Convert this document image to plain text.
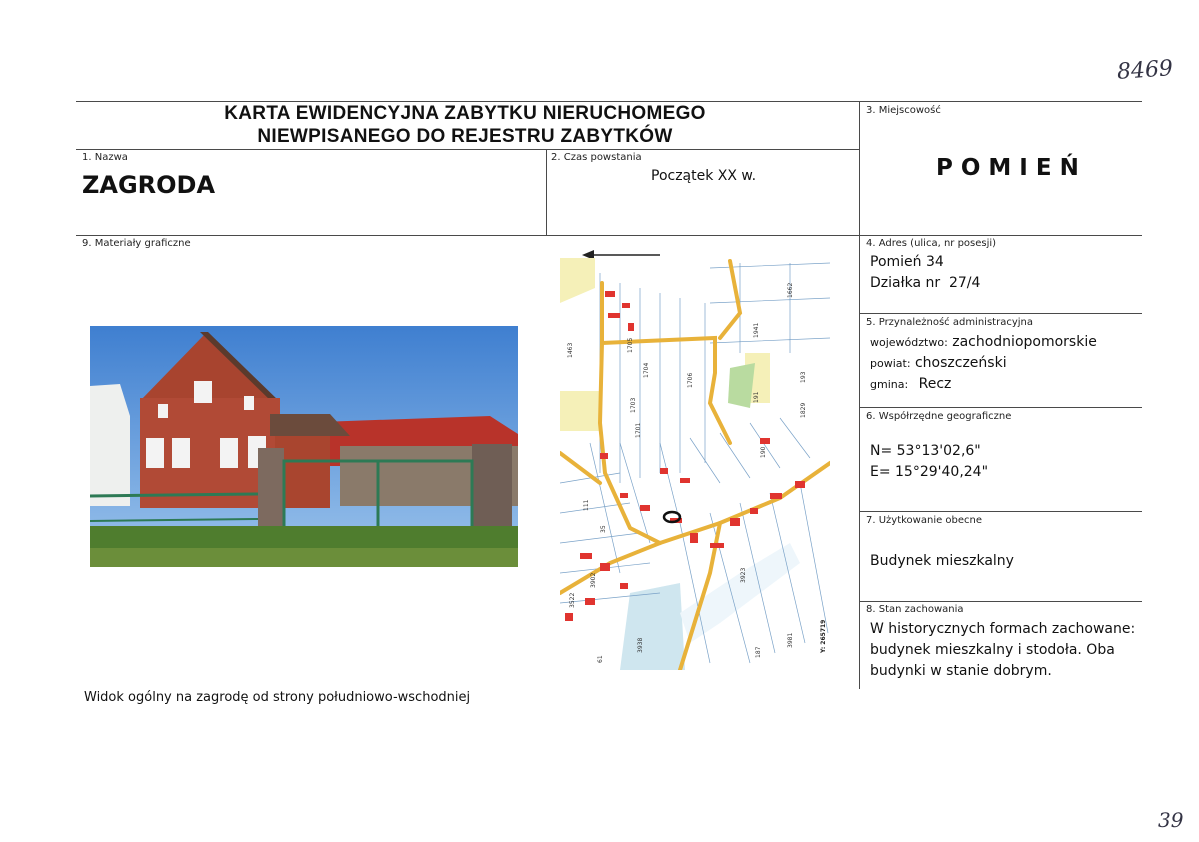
8469
39
KARTA EWIDENCYJNA ZABYTKU NIERUCHOMEGO
NIEWPISANEGO DO REJESTRU ZABYTKÓW
1. Nazwa
ZAGRODA
2. Czas powstania
Początek XX w.
3. Miejscowość
POMIEŃ
9. Materiały graficzne	4. Adres (ulica, nr posesji)
Pomień 34
Działka nr  27/4
5. Przynależność administracyjna
województwo: zachodniopomorskie
powiat: choszczeński
gmina: Recz
6. Współrzędne geograficzne
N= 53°13'02,6"
E= 15°29'40,24"
7. Użytkowanie obecne
Budynek mieszkalny
8. Stan zachowania
W historycznych formach zachowane:
budynek mieszkalny i stodoła. Oba
budynki w stanie dobrym.
1463	1705
1704
1703
1701
1706
1941
1662
193
191
1829
190
111
35
3522
3938	3981
61
3923
3902
187	Y: 265719
Widok ogólny na zagrodę od strony południowo-wschodniej
